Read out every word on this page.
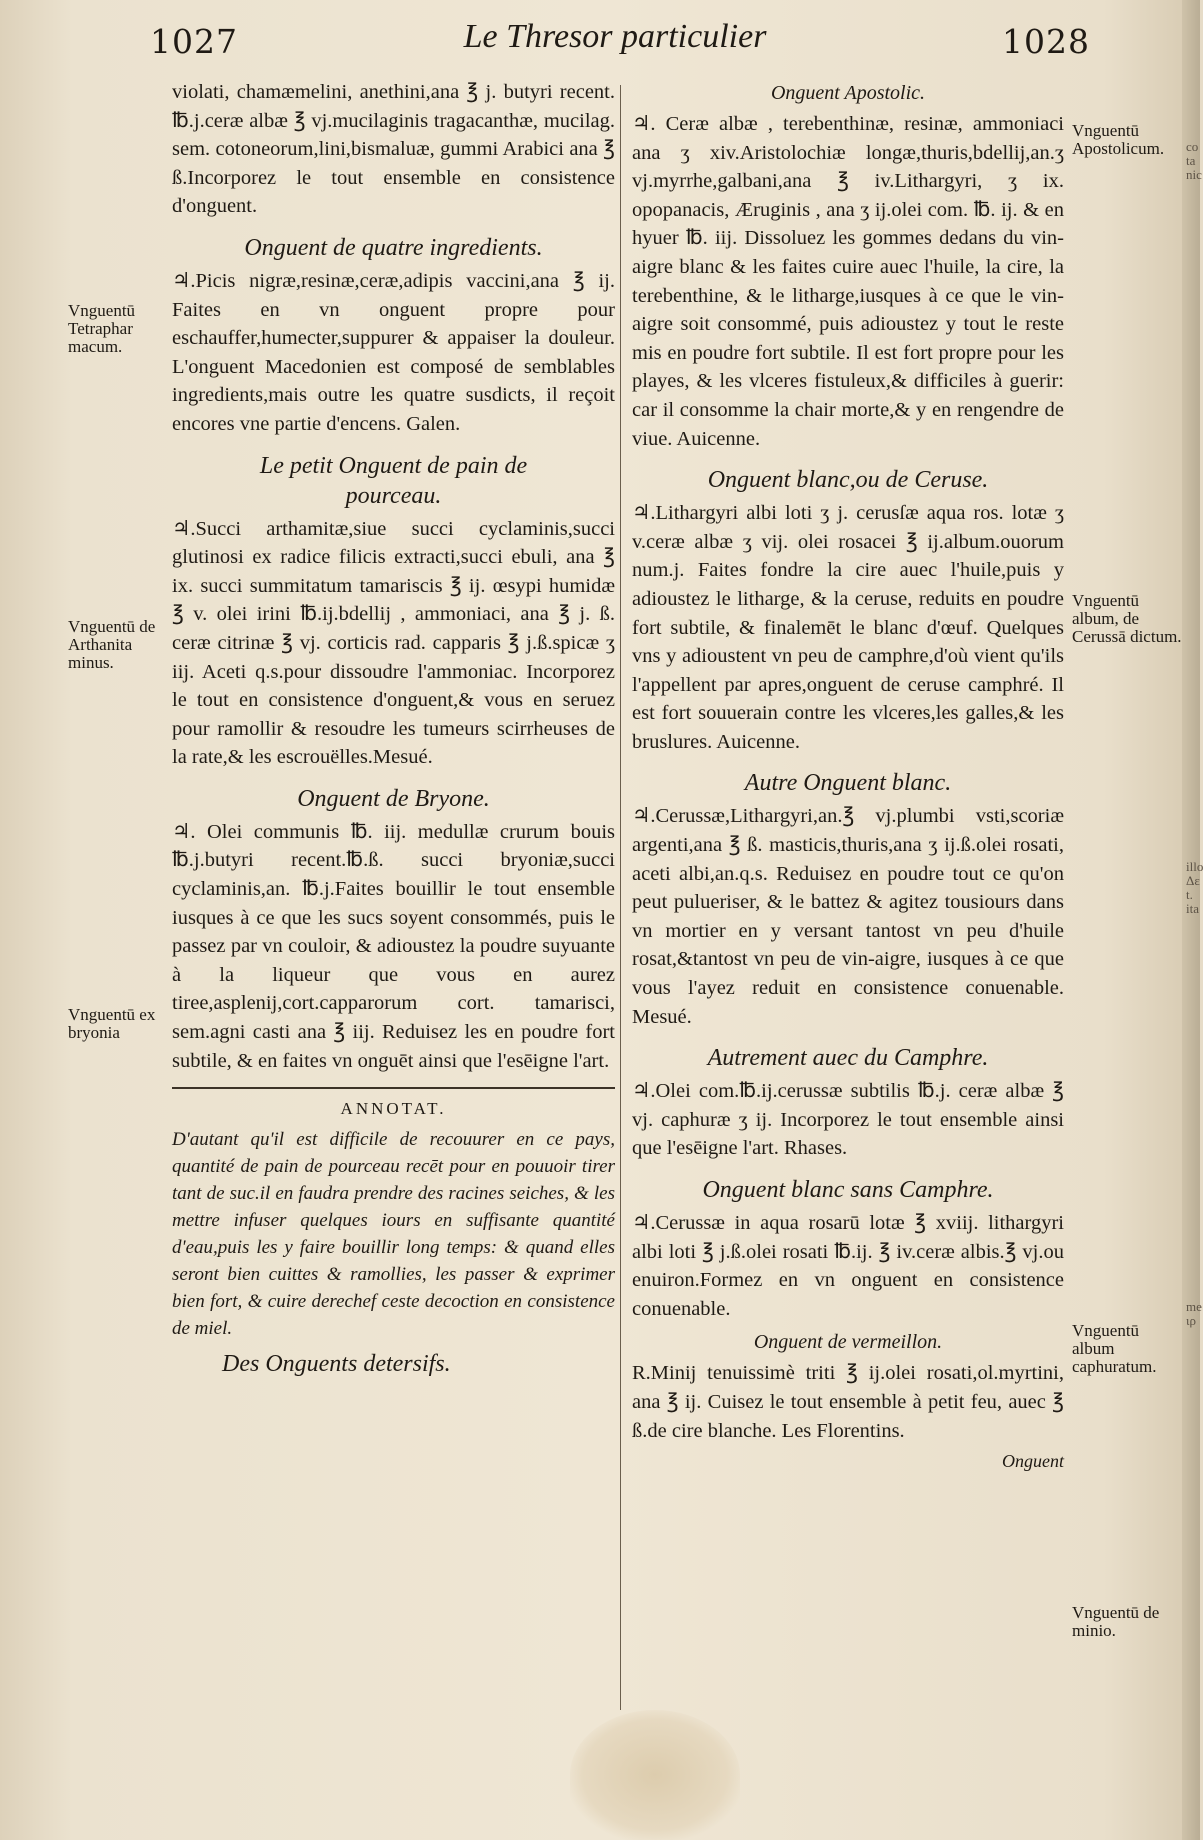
1027	Le Thresor particulier	1028

violati, chamæmelini, anethini,ana ℥ j. butyri recent. ℔.j.ceræ albæ ℥ vj.mucilaginis tragacanthæ, mucilag. sem. cotoneorum,lini,bismaluæ, gummi Arabici ana ℥ ß.Incorporez le tout ensemble en consistence d'onguent.

Onguent de quatre ingredients.

♃.Picis nigræ,resinæ,ceræ,adipis vaccini,ana ℥ ij. Faites en vn onguent propre pour eschauffer,humecter,suppurer & appaiser la douleur. L'onguent Macedonien est composé de semblables ingredients,mais outre les quatre susdicts, il reçoit encores vne partie d'encens. Galen.

Le petit Onguent de pain de
pourceau.

♃.Succi arthamitæ,siue succi cyclaminis,succi glutinosi ex radice filicis extracti,succi ebuli, ana ℥ ix. succi summitatum tamariscis ℥ ij. œsypi humidæ ℥ v. olei irini ℔.ij.bdellij , ammoniaci, ana ℥ j. ß. ceræ citrinæ ℥ vj. corticis rad. capparis ℥ j.ß.spicæ ʒ iij. Aceti q.s.pour dissoudre l'ammoniac. Incorporez le tout en consistence d'onguent,& vous en seruez pour ramollir & resoudre les tumeurs scirrheuses de la rate,& les escrouëlles.Mesué.

Onguent de Bryone.

♃. Olei communis ℔. iij. medullæ crurum bouis ℔.j.butyri recent.℔.ß. succi bryoniæ,succi cyclaminis,an. ℔.j.Faites bouillir le tout ensemble iusques à ce que les sucs soyent consommés, puis le passez par vn couloir, & adioustez la poudre suyuante à la liqueur que vous en aurez tiree,asplenij,cort.capparorum cort. tamarisci, sem.agni casti ana ℥ iij. Reduisez les en poudre fort subtile, & en faites vn onguēt ainsi que l'esēigne l'art.

ANNOTAT.

D'autant qu'il est difficile de recouurer en ce pays, quantité de pain de pourceau recēt pour en pouuoir tirer tant de suc.il en faudra prendre des racines seiches, & les mettre infuser quelques iours en suffisante quantité d'eau,puis les y faire bouillir long temps: & quand elles seront bien cuittes & ramollies, les passer & exprimer bien fort, & cuire derechef ceste decoction en consistence de miel.

Des Onguents detersifs.
Onguent Apostolic.

♃. Ceræ albæ , terebenthinæ, resinæ, ammoniaci ana ʒ xiv.Aristolochiæ longæ,thuris,bdellij,an.ʒ vj.myrrhe,galbani,ana ℥ iv.Lithargyri, ʒ ix. opopanacis, Æruginis , ana ʒ ij.olei com. ℔. ij. & en hyuer ℔. iij. Dissoluez les gommes dedans du vin-aigre blanc & les faites cuire auec l'huile, la cire, la terebenthine, & le litharge,iusques à ce que le vin-aigre soit consommé, puis adioustez y tout le reste mis en poudre fort subtile. Il est fort propre pour les playes, & les vlceres fistuleux,& difficiles à guerir: car il consomme la chair morte,& y en rengendre de viue. Auicenne.

Onguent blanc,ou de Ceruse.

♃.Lithargyri albi loti ʒ j. cerusſæ aqua ros. lotæ ʒ v.ceræ albæ ʒ vij. olei rosacei ℥ ij.album.ouorum num.j. Faites fondre la cire auec l'huile,puis y adioustez le litharge, & la ceruse, reduits en poudre fort subtile, & finalemēt le blanc d'œuf. Quelques vns y adioustent vn peu de camphre,d'où vient qu'ils l'appellent par apres,onguent de ceruse camphré. Il est fort souuerain contre les vlceres,les galles,& les bruslures. Auicenne.

Autre Onguent blanc.

♃.Cerussæ,Lithargyri,an.℥ vj.plumbi vsti,scoriæ argenti,ana ℥ ß. masticis,thuris,ana ʒ ij.ß.olei rosati, aceti albi,an.q.s. Reduisez en poudre tout ce qu'on peut pulueriser, & le battez & agitez tousiours dans vn mortier en y versant tantost vn peu d'huile rosat,&tantost vn peu de vin-aigre, iusques à ce que vous l'ayez reduit en consistence conuenable. Mesué.

Autrement auec du Camphre.

♃.Olei com.℔.ij.cerussæ subtilis ℔.j. ceræ albæ ℥ vj. caphuræ ʒ ij. Incorporez le tout ensemble ainsi que l'esēigne l'art. Rhases.

Onguent blanc sans Camphre.

♃.Cerussæ in aqua rosarū lotæ ℥ xviij. lithargyri albi loti ℥ j.ß.olei rosati ℔.ij. ℥ iv.ceræ albis.℥ vj.ou enuiron.Formez en vn onguent en consistence conuenable.

Onguent de vermeillon.

R.Minij tenuissimè triti ℥ ij.olei rosati,ol.myrtini, ana ℥ ij. Cuisez le tout ensemble à petit feu, auec ℥ ß.de cire blanche. Les Florentins.

Onguent
Vnguentū Tetraphar macum.
Vnguentū de Arthanita minus.
Vnguentū ex bryonia
Vnguentū Apostolicum.
Vnguentū album, de Cerussā dictum.
Vnguentū album caphuratum.
Vnguentū de minio.
co
ta
nic
illo
Δε
t.
ita
me
ιρ
